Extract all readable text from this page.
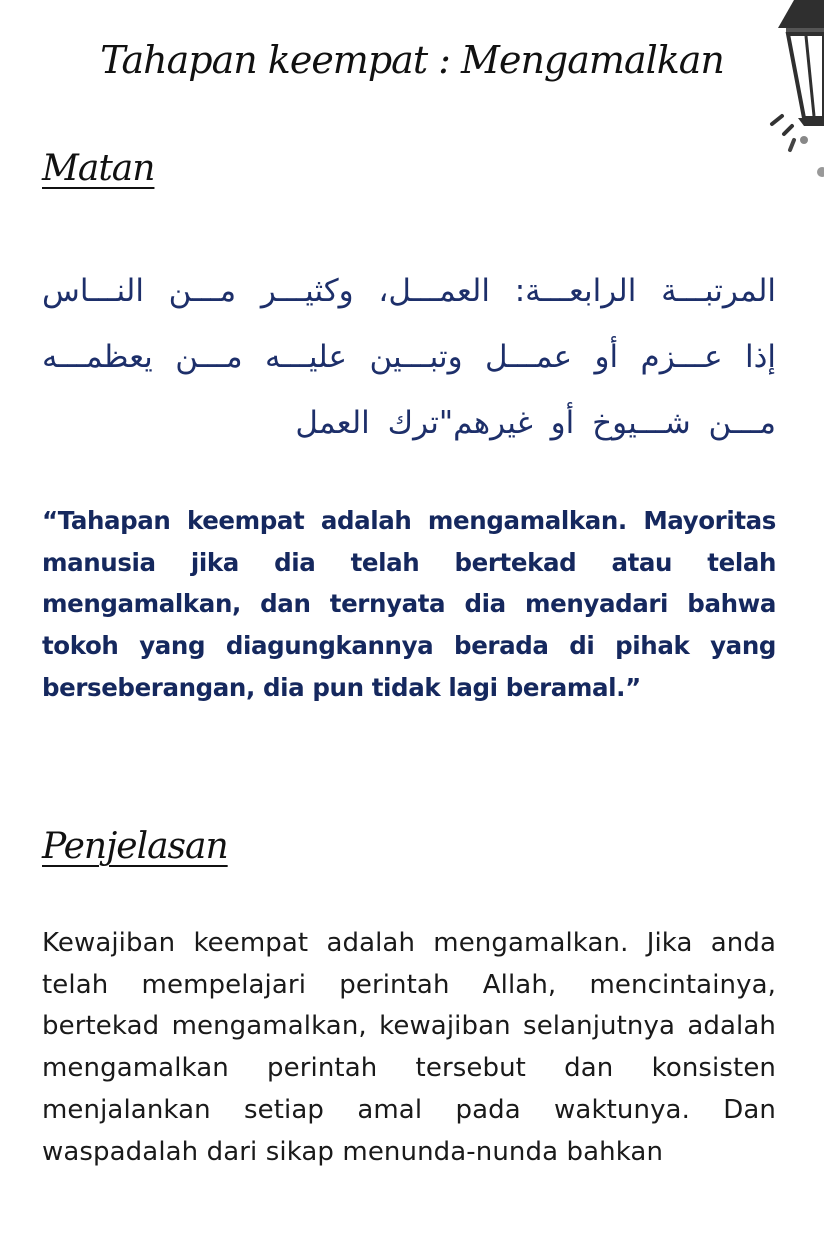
Tahapan keempat : Mengamalkan
Matan
المرتبـــة الرابعـــة: العمـــل، وكثيـــر مـــن النـــاس إذا عـــزم أو عمـــل وتبـــين عليـــه مـــن يعظمـــه مـــن شـــيوخ أو غيرهم"ترك العمل
“Tahapan keempat adalah mengamalkan. Mayoritas manusia jika dia telah bertekad atau telah mengamalkan, dan ternyata dia menyadari bahwa tokoh yang diagungkannya berada di pihak yang berseberangan, dia pun tidak lagi beramal.”
Penjelasan
Kewajiban keempat adalah mengamalkan. Jika anda telah mempelajari perintah Allah, mencintainya, bertekad mengamalkan, kewajiban selanjutnya adalah mengamalkan perintah tersebut dan konsisten menjalankan setiap amal pada waktunya. Dan waspadalah dari sikap menunda-nunda bahkan
